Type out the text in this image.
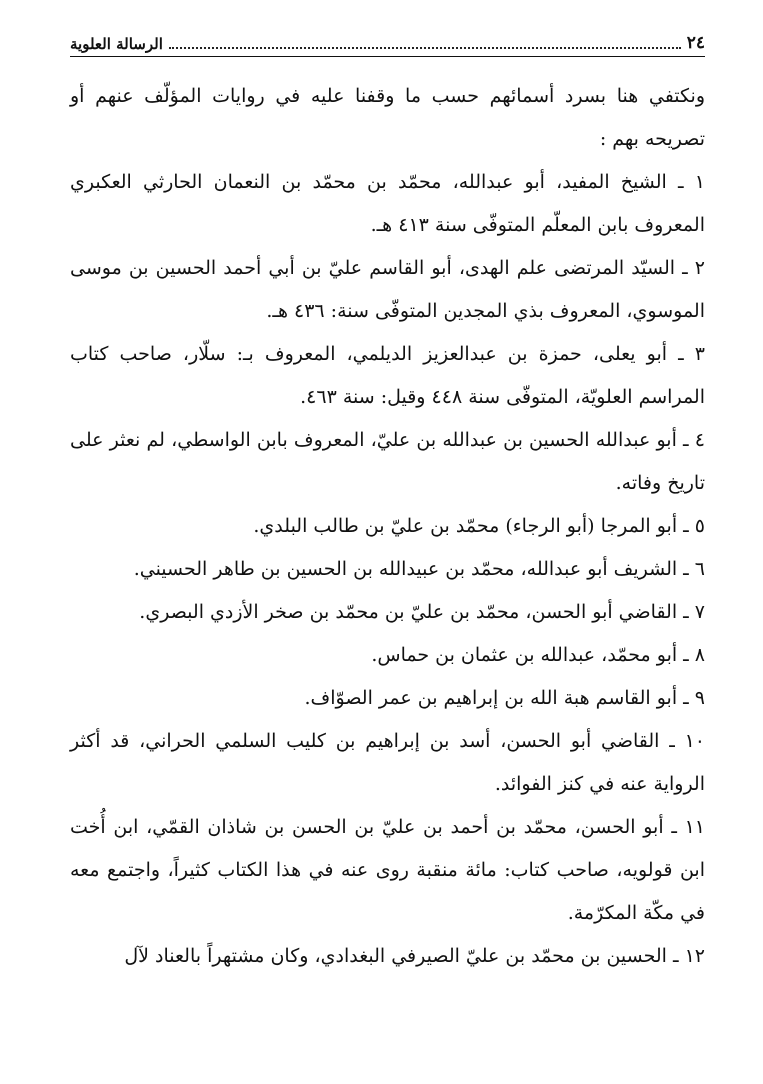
٢٤
الرسالة العلوية

ونكتفي هنا بسرد أسمائهم حسب ما وقفنا عليه في روايات المؤلّف عنهم أو تصريحه بهم :

١ ـ الشيخ المفيد، أبو عبدالله، محمّد بن محمّد بن النعمان الحارثي العكبري المعروف بابن المعلّم المتوفّى سنة ٤١٣ هـ.

٢ ـ السيّد المرتضى علم الهدى، أبو القاسم عليّ بن أبي أحمد الحسين بن موسى الموسوي، المعروف بذي المجدين المتوفّى سنة: ٤٣٦ هـ.

٣ ـ أبو يعلى، حمزة بن عبدالعزيز الديلمي، المعروف بـ: سلّار، صاحب كتاب المراسم العلويّة، المتوفّى سنة ٤٤٨ وقيل: سنة ٤٦٣.

٤ ـ أبو عبدالله الحسين بن عبدالله بن عليّ، المعروف بابن الواسطي، لم نعثر على تاريخ وفاته.

٥ ـ أبو المرجا (أبو الرجاء) محمّد بن عليّ بن طالب البلدي.

٦ ـ الشريف أبو عبدالله، محمّد بن عبيدالله بن الحسين بن طاهر الحسيني.

٧ ـ القاضي أبو الحسن، محمّد بن عليّ بن محمّد بن صخر الأزدي البصري.

٨ ـ أبو محمّد، عبدالله بن عثمان بن حماس.

٩ ـ أبو القاسم هبة الله بن إبراهيم بن عمر الصوّاف.

١٠ ـ القاضي أبو الحسن، أسد بن إبراهيم بن كليب السلمي الحراني، قد أكثر الرواية عنه في كنز الفوائد.

١١ ـ أبو الحسن، محمّد بن أحمد بن عليّ بن الحسن بن شاذان القمّي، ابن أُخت ابن قولويه، صاحب كتاب: مائة منقبة روى عنه في هذا الكتاب كثيراً، واجتمع معه في مكّة المكرّمة.

١٢ ـ الحسين بن محمّد بن عليّ الصيرفي البغدادي، وكان مشتهراً بالعناد لآل
